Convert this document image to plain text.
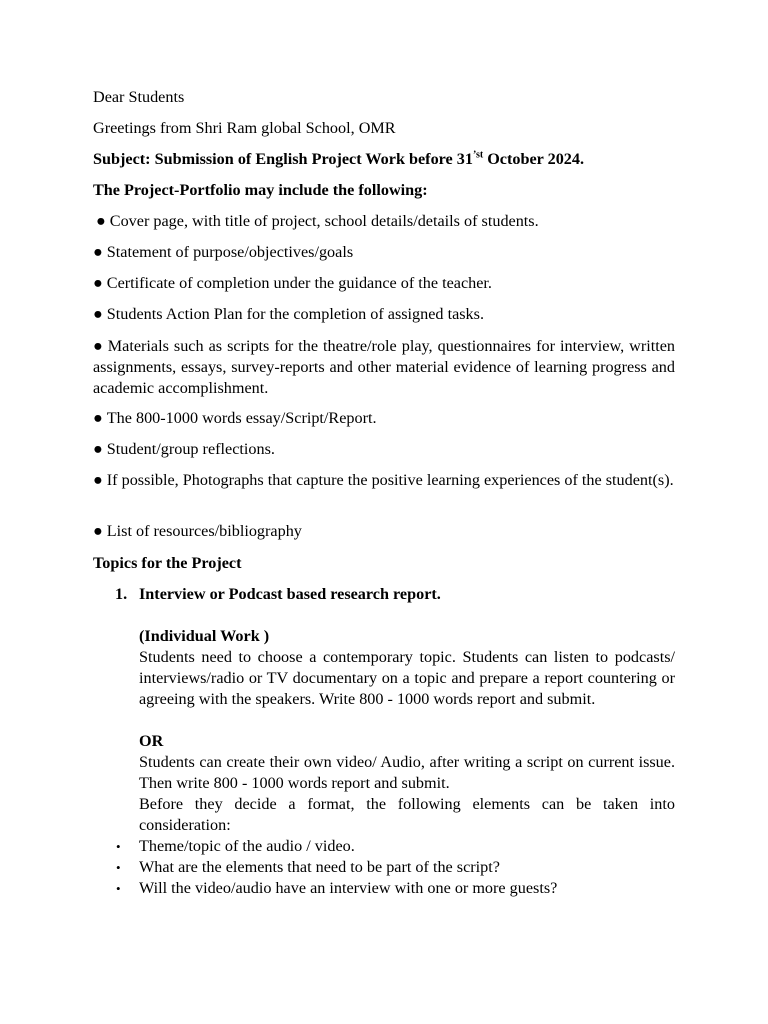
Dear Students

Greetings from Shri Ram global School, OMR

Subject: Submission of English Project Work before $31^{’st}$ October 2024.

The Project-Portfolio may include the following:

● Cover page, with title of project, school details/details of students.

● Statement of purpose/objectives/goals

● Certificate of completion under the guidance of the teacher.

● Students Action Plan for the completion of assigned tasks.

● Materials such as scripts for the theatre/role play, questionnaires for interview, written assignments, essays, survey-reports and other material evidence of learning progress and academic accomplishment.

● The 800-1000 words essay/Script/Report.

● Student/group reflections.

● If possible, Photographs that capture the positive learning experiences of the student(s).

● List of resources/bibliography

Topics for the Project

1. Interview or Podcast based research report.

(Individual Work )

Students need to choose a contemporary topic. Students can listen to podcasts/ interviews/radio or TV documentary on a topic and prepare a report countering or agreeing with the speakers. Write 800 - 1000 words report and submit.

OR

Students can create their own video/ Audio, after writing a script on current issue. Then write 800 - 1000 words report and submit.

Before they decide a format, the following elements can be taken into consideration:

•

Theme/topic of the audio / video.

•

What are the elements that need to be part of the script?

•

Will the video/audio have an interview with one or more guests?
